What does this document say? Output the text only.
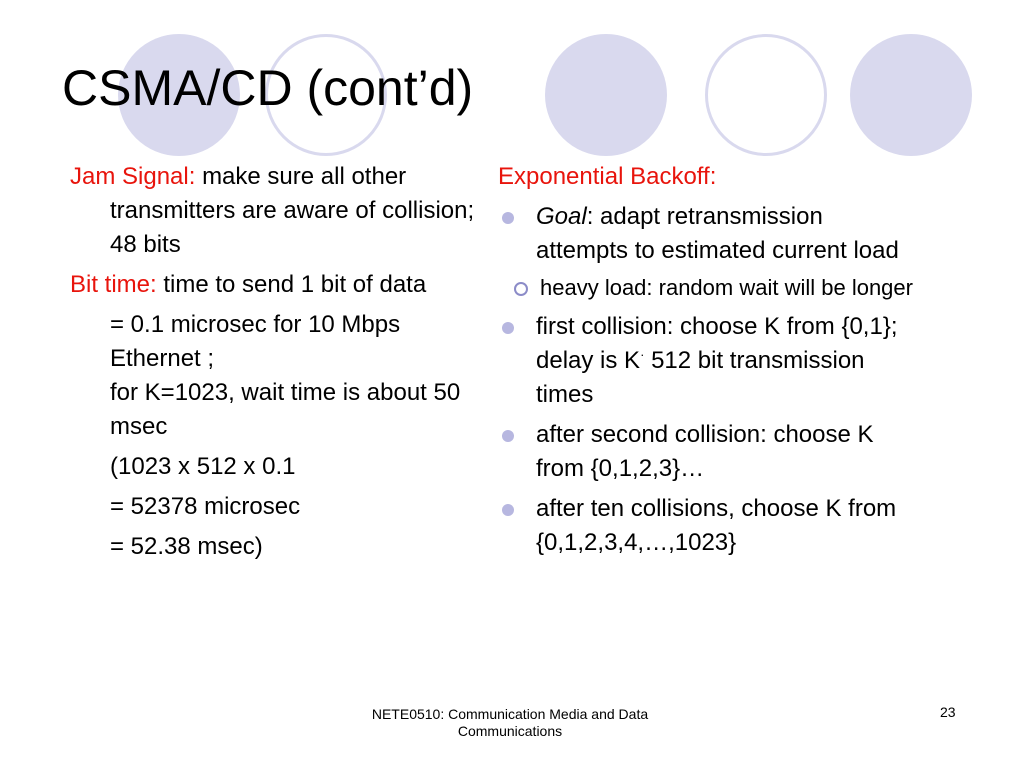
CSMA/CD (cont’d)

Jam Signal: make sure all other transmitters are aware of collision; 48 bits

Bit time: time to send 1 bit of data

= 0.1 microsec for 10 Mbps Ethernet ;
for K=1023, wait time is about 50 msec

(1023 x 512 x 0.1

= 52378 microsec

= 52.38 msec)

Exponential Backoff:

Goal: adapt retransmission attempts to estimated current load

heavy load: random wait will be longer

first collision: choose K from {0,1}; delay is K· 512 bit transmission times

after second collision: choose K from {0,1,2,3}…

after ten collisions, choose K from {0,1,2,3,4,…,1023}

NETE0510: Communication Media and Data Communications
23
